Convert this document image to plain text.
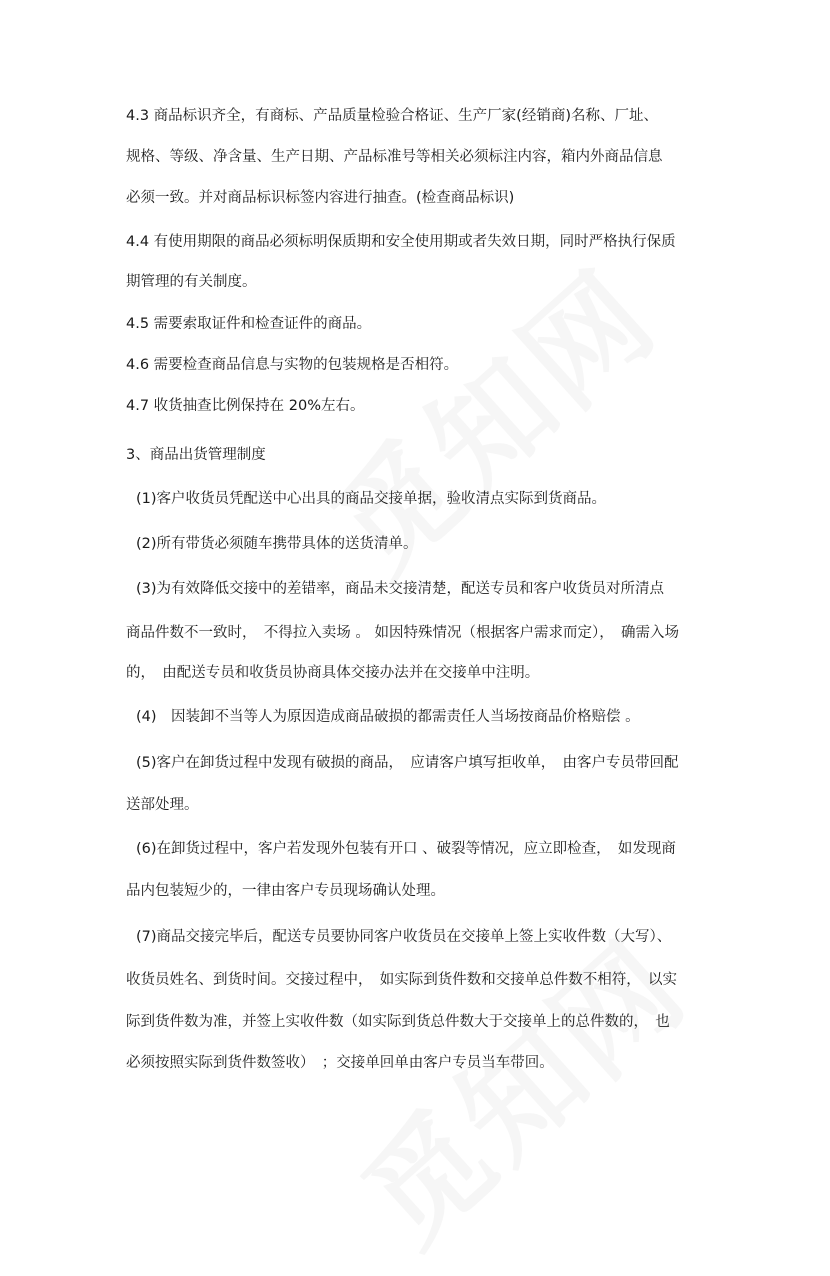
4.3 商品标识齐全，有商标、产品质量检验合格证、生产厂家(经销商)名称、厂址、
规格、等级、净含量、生产日期、产品标准号等相关必须标注内容，箱内外商品信息
必须一致。并对商品标识标签内容进行抽查。(检查商品标识)
4.4 有使用期限的商品必须标明保质期和安全使用期或者失效日期，同时严格执行保质
期管理的有关制度。
4.5 需要索取证件和检查证件的商品。
4.6 需要检查商品信息与实物的包装规格是否相符。
4.7 收货抽查比例保持在 20%左右。
3、商品出货管理制度
(1)客户收货员凭配送中心出具的商品交接单据，验收清点实际到货商品。
(2)所有带货必须随车携带具体的送货清单。
(3)为有效降低交接中的差错率，商品未交接清楚，配送专员和客户收货员对所清点
商品件数不一致时，　不得拉入卖场 。 如因特殊情况（根据客户需求而定），　确需入场
的，　由配送专员和收货员协商具体交接办法并在交接单中注明。
(4)　因装卸不当等人为原因造成商品破损的都需责任人当场按商品价格赔偿 。
(5)客户在卸货过程中发现有破损的商品，　应请客户填写拒收单，　由客户专员带回配
送部处理。
(6)在卸货过程中，客户若发现外包装有开口 、破裂等情况，应立即检查，　如发现商
品内包装短少的，一律由客户专员现场确认处理。
(7)商品交接完毕后，配送专员要协同客户收货员在交接单上签上实收件数（大写）、
收货员姓名、到货时间。交接过程中，　如实际到货件数和交接单总件数不相符，　以实
际到货件数为准，并签上实收件数（如实际到货总件数大于交接单上的总件数的，　也
必须按照实际到货件数签收）　；交接单回单由客户专员当车带回。
